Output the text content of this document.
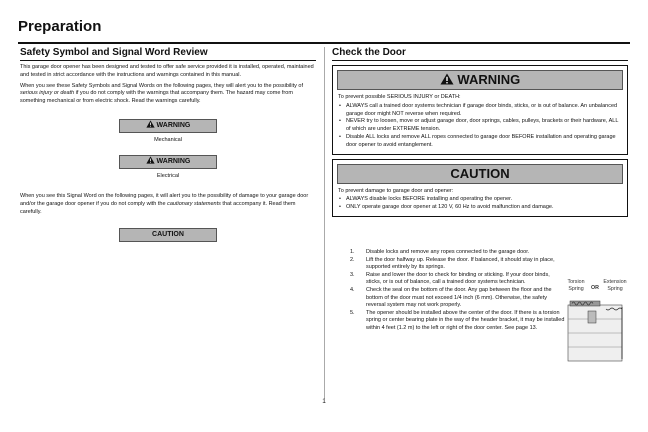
Preparation
Safety Symbol and Signal Word Review

This garage door opener has been designed and tested to offer safe service provided it is installed, operated, maintained and tested in strict accordance with the instructions and warnings contained in this manual.

When you see these Safety Symbols and Signal Words on the following pages, they will alert you to the possibility of serious injury or death if you do not comply with the warnings that accompany them. The hazard may come from something mechanical or from electric shock. Read the warnings carefully.

WARNING
Mechanical
WARNING
Electrical

When you see this Signal Word on the following pages, it will alert you to the possibility of damage to your garage door and/or the garage door opener if you do not comply with the cautionary statements that accompany it. Read them carefully.

CAUTION
Check the Door
WARNING

To prevent possible SERIOUS INJURY or DEATH:

• ALWAYS call a trained door systems technician if garage door binds, sticks, or is out of balance. An unbalanced garage door might NOT reverse when required.
• NEVER try to loosen, move or adjust garage door, door springs, cables, pulleys, brackets or their hardware, ALL of which are under EXTREME tension.
• Disable ALL locks and remove ALL ropes connected to garage door BEFORE installation and operating garage door opener to avoid entanglement.
CAUTION

To prevent damage to garage door and opener:

• ALWAYS disable locks BEFORE installing and operating the opener.
• ONLY operate garage door opener at 120 V, 60 Hz to avoid malfunction and damage.
1. Disable locks and remove any ropes connected to the garage door.
2. Lift the door halfway up. Release the door. If balanced, it should stay in place, supported entirely by its springs.
3. Raise and lower the door to check for binding or sticking. If your door binds, sticks, or is out of balance, call a trained door systems technician.
4. Check the seal on the bottom of the door. Any gap between the floor and the bottom of the door must not exceed 1/4 inch (6 mm). Otherwise, the safety reversal system may not work properly.
5. The opener should be installed above the center of the door. If there is a torsion spring or center bearing plate in the way of the header bracket, it may be installed within 4 feet (1.2 m) to the left or right of the door center. See page 13.
Torsion Spring	OR
Extension Spring
1
